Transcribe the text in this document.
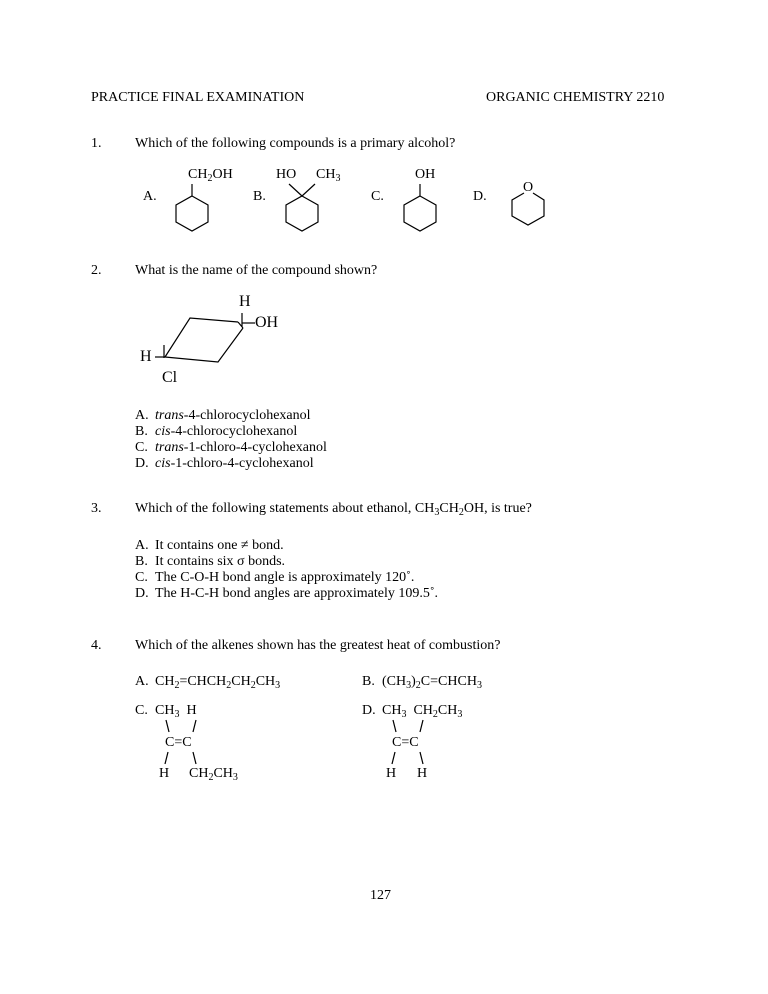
PRACTICE FINAL EXAMINATION	ORGANIC CHEMISTRY 2210
1. Which of the following compounds is a primary alcohol?
A.
$CH_2OH$
B.
HO $CH_3$
C.
OH
D.
O
2. What is the name of the compound shown?
H
OH
H
Cl
A. trans-4-chlorocyclohexanol
B. cis-4-chlorocyclohexanol
C. trans-1-chloro-4-cyclohexanol
D. cis-1-chloro-4-cyclohexanol
3. Which of the following statements about ethanol, $CH_3CH_2OH$, is true?
A. It contains one ≠ bond.
B. It contains six σ bonds.
C. The C-O-H bond angle is approximately 120˚.
D. The H-C-H bond angles are approximately 109.5˚.
4. Which of the alkenes shown has the greatest heat of combustion?
A. $CH_2=CHCH_2CH_2CH_3$	B. $(CH_3)_2C=CHCH_3$
C. $CH_3$  H
C=C
H $CH_2CH_3$
D. $CH_3$  $CH_2CH_3$
C=C
H H
127
